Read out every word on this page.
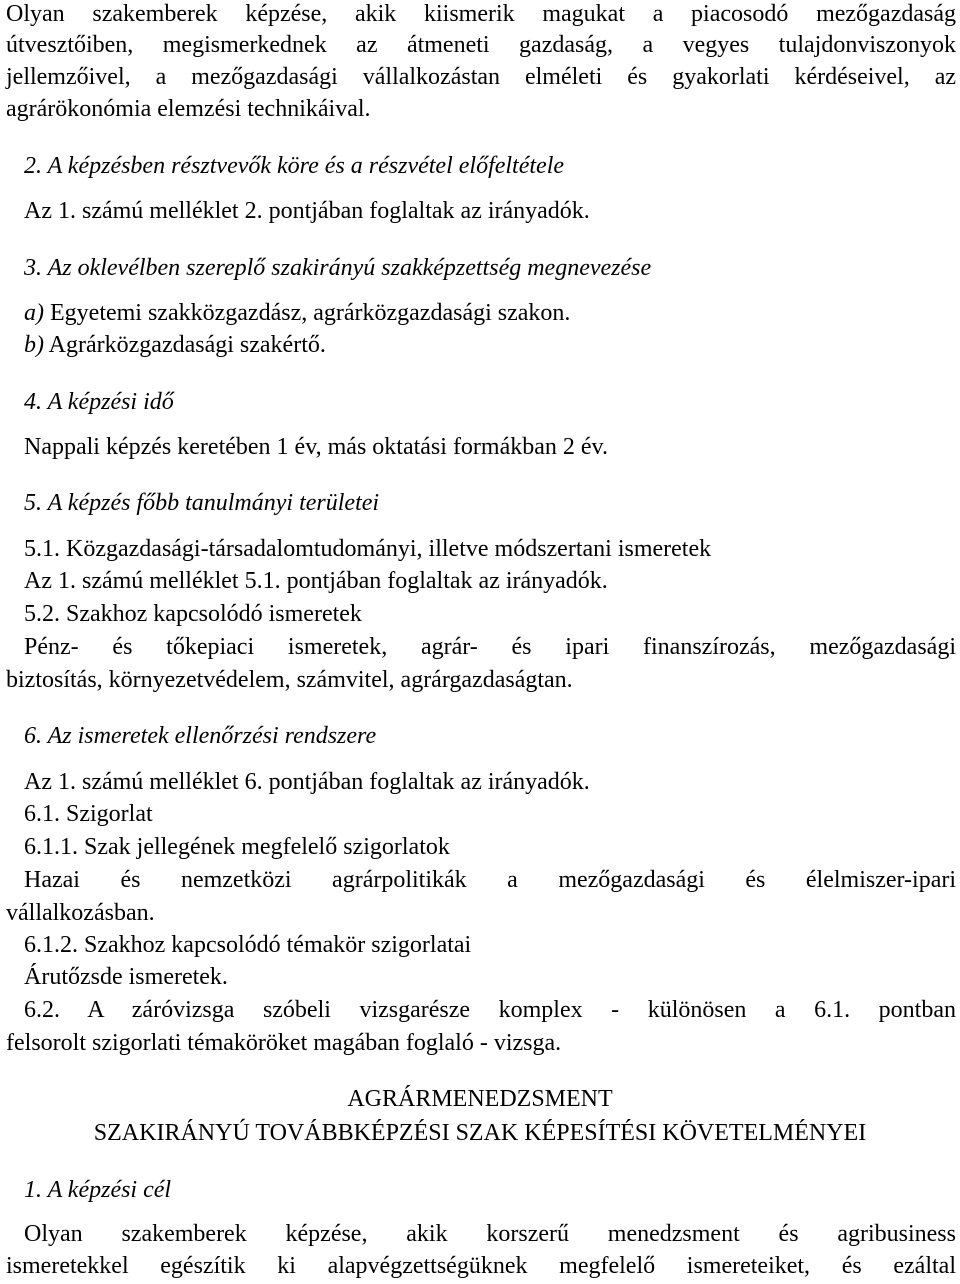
Olyan szakemberek képzése, akik kiismerik magukat a piacosodó mezőgazdaság
útvesztőiben, megismerkednek az átmeneti gazdaság, a vegyes tulajdonviszonyok
jellemzőivel, a mezőgazdasági vállalkozástan elméleti és gyakorlati kérdéseivel, az
agrárökonómia elemzési technikáival.
2. A képzésben résztvevők köre és a részvétel előfeltétele
Az 1. számú melléklet 2. pontjában foglaltak az irányadók.
3. Az oklevélben szereplő szakirányú szakképzettség megnevezése
a) Egyetemi szakközgazdász, agrárközgazdasági szakon.
b) Agrárközgazdasági szakértő.
4. A képzési idő
Nappali képzés keretében 1 év, más oktatási formákban 2 év.
5. A képzés főbb tanulmányi területei
5.1. Közgazdasági-társadalomtudományi, illetve módszertani ismeretek
Az 1. számú melléklet 5.1. pontjában foglaltak az irányadók.
5.2. Szakhoz kapcsolódó ismeretek
Pénz- és tőkepiaci ismeretek, agrár- és ipari finanszírozás, mezőgazdasági
biztosítás, környezetvédelem, számvitel, agrárgazdaságtan.
6. Az ismeretek ellenőrzési rendszere
Az 1. számú melléklet 6. pontjában foglaltak az irányadók.
6.1. Szigorlat
6.1.1. Szak jellegének megfelelő szigorlatok
Hazai és nemzetközi agrárpolitikák a mezőgazdasági és élelmiszer-ipari
vállalkozásban.
6.1.2. Szakhoz kapcsolódó témakör szigorlatai
Árutőzsde ismeretek.
6.2. A záróvizsga szóbeli vizsgarésze komplex - különösen a 6.1. pontban
felsorolt szigorlati témaköröket magában foglaló - vizsga.
AGRÁRMENEDZSMENT
SZAKIRÁNYÚ TOVÁBBKÉPZÉSI SZAK KÉPESÍTÉSI KÖVETELMÉNYEI
1. A képzési cél
Olyan szakemberek képzése, akik korszerű menedzsment és agribusiness
ismeretekkel egészítik ki alapvégzettségüknek megfelelő ismereteiket, és ezáltal
